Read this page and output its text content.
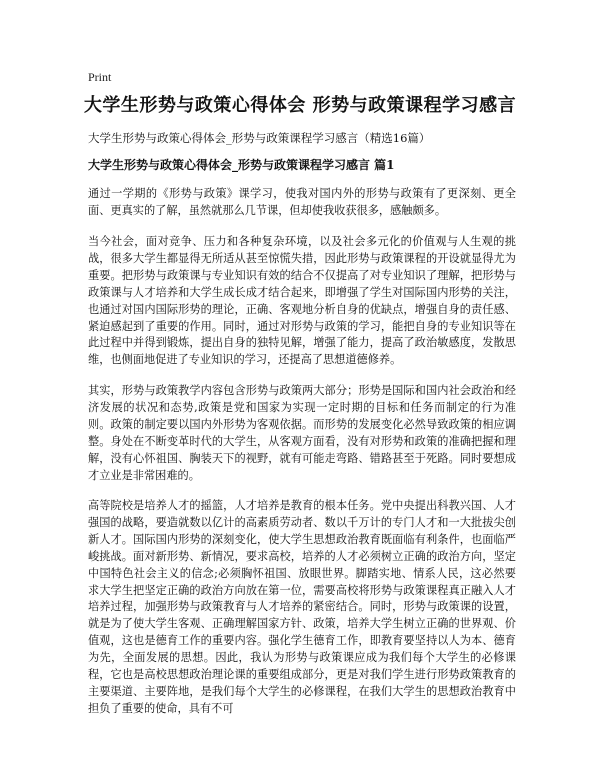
Print
大学生形势与政策心得体会 形势与政策课程学习感言
大学生形势与政策心得体会_形势与政策课程学习感言（精选16篇）
大学生形势与政策心得体会_形势与政策课程学习感言 篇1

通过一学期的《形势与政策》课学习，使我对国内外的形势与政策有了更深刻、更全面、更真实的了解，虽然就那么几节课，但却使我收获很多，感触颇多。

当今社会，面对竞争、压力和各种复杂环境，以及社会多元化的价值观与人生观的挑战，很多大学生都显得无所适从甚至惊慌失措，因此形势与政策课程的开设就显得尤为重要。把形势与政策课与专业知识有效的结合不仅提高了对专业知识了理解，把形势与政策课与人才培养和大学生成长成才结合起来，即增强了学生对国际国内形势的关注，也通过对国内国际形势的理论，正确、客观地分析自身的优缺点，增强自身的责任感、紧迫感起到了重要的作用。同时，通过对形势与政策的学习，能把自身的专业知识等在此过程中并得到锻炼，提出自身的独特见解，增强了能力，提高了政治敏感度，发散思维，也侧面地促进了专业知识的学习，还提高了思想道德修养。

其实，形势与政策教学内容包含形势与政策两大部分；形势是国际和国内社会政治和经济发展的状况和态势,政策是党和国家为实现一定时期的目标和任务而制定的行为准则。政策的制定要以国内外形势为客观依据。而形势的发展变化必然导致政策的相应调整。身处在不断变革时代的大学生，从客观方面看，没有对形势和政策的准确把握和理解，没有心怀祖国、胸装天下的视野，就有可能走弯路、错路甚至于死路。同时要想成才立业是非常困难的。

高等院校是培养人才的摇篮，人才培养是教育的根本任务。党中央提出科教兴国、人才强国的战略，要造就数以亿计的高素质劳动者、数以千万计的专门人才和一大批拔尖创新人才。国际国内形势的深刻变化，使大学生思想政治教育既面临有利条件，也面临严峻挑战。面对新形势、新情况，要求高校，培养的人才必须树立正确的政治方向，坚定中国特色社会主义的信念;必须胸怀祖国、放眼世界。脚踏实地、情系人民，这必然要求大学生把坚定正确的政治方向放在第一位，需要高校将形势与政策课程真正融入人才培养过程，加强形势与政策教育与人才培养的紧密结合。同时，形势与政策课的设置，就是为了使大学生客观、正确理解国家方针、政策，培养大学生树立正确的世界观、价值观，这也是德育工作的重要内容。强化学生德育工作，即教育要坚持以人为本、德育为先，全面发展的思想。因此，我认为形势与政策课应成为我们每个大学生的必修课程，它也是高校思想政治理论课的重要组成部分，更是对我们学生进行形势政策教育的主要渠道、主要阵地，是我们每个大学生的必修课程，在我们大学生的思想政治教育中担负了重要的使命，具有不可
